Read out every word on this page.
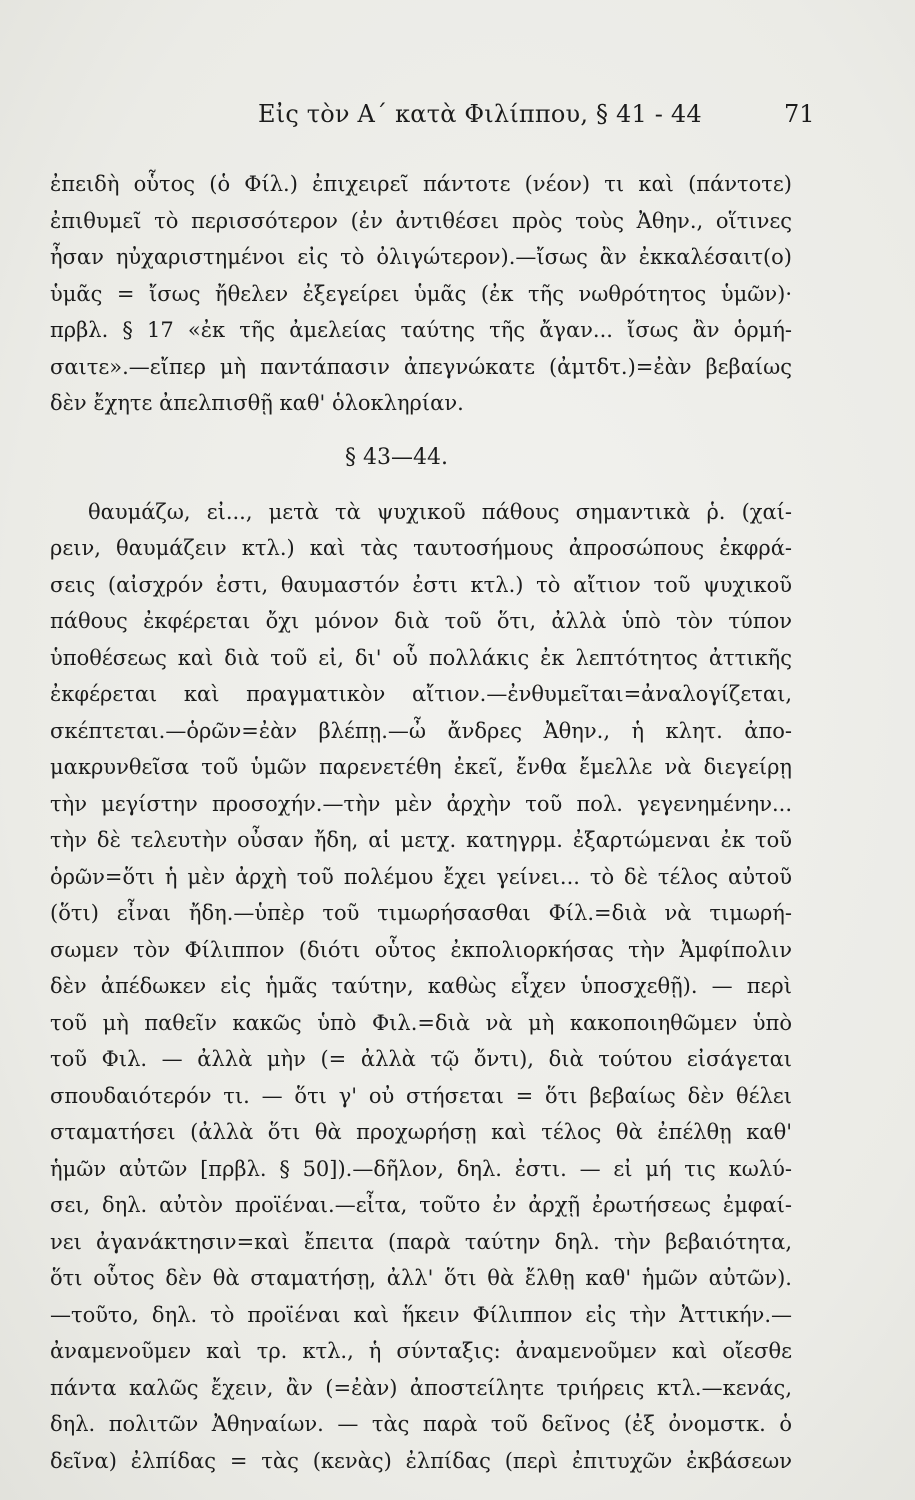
Εἰς τὸν Α΄ κατὰ Φιλίππου, § 41 - 44	71
ἐπειδὴ οὗτος (ὁ Φίλ.) ἐπιχειρεῖ πάντοτε (νέον) τι καὶ (πάντοτε)
ἐπιθυμεῖ τὸ περισσότερον (ἐν ἀντιθέσει πρὸς τοὺς Ἀθην., οἵτινες
ἦσαν ηὐχαριστημένοι εἰς τὸ ὀλιγώτερον).—ἴσως ἂν ἐκκαλέσαιτ(ο)
ὑμᾶς = ἴσως ἤθελεν ἐξεγείρει ὑμᾶς (ἐκ τῆς νωθρότητος ὑμῶν)·
πρβλ. § 17 «ἐκ τῆς ἀμελείας ταύτης τῆς ἄγαν... ἴσως ἂν ὁρμή-
σαιτε».—εἴπερ μὴ παντάπασιν ἀπεγνώκατε (ἀμτδτ.)=ἐὰν βεβαίως
δὲν ἔχητε ἀπελπισθῇ καθ' ὁλοκληρίαν.
§ 43—44.
θαυμάζω, εἰ..., μετὰ τὰ ψυχικοῦ πάθους σημαντικὰ ῥ. (χαί-
ρειν, θαυμάζειν κτλ.) καὶ τὰς ταυτοσήμους ἀπροσώπους ἐκφρά-
σεις (αἰσχρόν ἐστι, θαυμαστόν ἐστι κτλ.) τὸ αἴτιον τοῦ ψυχικοῦ
πάθους ἐκφέρεται ὄχι μόνον διὰ τοῦ ὅτι, ἀλλὰ ὑπὸ τὸν τύπον
ὑποθέσεως καὶ διὰ τοῦ εἰ, δι' οὗ πολλάκις ἐκ λεπτότητος ἀττικῆς
ἐκφέρεται καὶ πραγματικὸν αἴτιον.—ἐνθυμεῖται=ἀναλογίζεται,
σκέπτεται.—ὁρῶν=ἐὰν βλέπῃ.—ὦ ἄνδρες Ἀθην., ἡ κλητ. ἀπο-
μακρυνθεῖσα τοῦ ὑμῶν παρενετέθη ἐκεῖ, ἔνθα ἔμελλε νὰ διεγείρῃ
τὴν μεγίστην προσοχήν.—τὴν μὲν ἀρχὴν τοῦ πολ. γεγενημένην...
τὴν δὲ τελευτὴν οὖσαν ἤδη, αἱ μετχ. κατηγρμ. ἐξαρτώμεναι ἐκ τοῦ
ὁρῶν=ὅτι ἡ μὲν ἀρχὴ τοῦ πολέμου ἔχει γείνει... τὸ δὲ τέλος αὐτοῦ
(ὅτι) εἶναι ἤδη.—ὑπὲρ τοῦ τιμωρήσασθαι Φίλ.=διὰ νὰ τιμωρή-
σωμεν τὸν Φίλιππον (διότι οὗτος ἐκπολιορκήσας τὴν Ἀμφίπολιν
δὲν ἀπέδωκεν εἰς ἡμᾶς ταύτην, καθὼς εἶχεν ὑποσχεθῇ). — περὶ
τοῦ μὴ παθεῖν κακῶς ὑπὸ Φιλ.=διὰ νὰ μὴ κακοποιηθῶμεν ὑπὸ
τοῦ Φιλ. — ἀλλὰ μὴν (= ἀλλὰ τῷ ὄντι), διὰ τούτου εἰσάγεται
σπουδαιότερόν τι. — ὅτι γ' οὐ στήσεται = ὅτι βεβαίως δὲν θέλει
σταματήσει (ἀλλὰ ὅτι θὰ προχωρήσῃ καὶ τέλος θὰ ἐπέλθῃ καθ'
ἡμῶν αὐτῶν [πρβλ. § 50]).—δῆλον, δηλ. ἐστι. — εἰ μή τις κωλύ-
σει, δηλ. αὐτὸν προϊέναι.—εἶτα, τοῦτο ἐν ἀρχῇ ἐρωτήσεως ἐμφαί-
νει ἀγανάκτησιν=καὶ ἔπειτα (παρὰ ταύτην δηλ. τὴν βεβαιότητα,
ὅτι οὗτος δὲν θὰ σταματήσῃ, ἀλλ' ὅτι θὰ ἔλθῃ καθ' ἡμῶν αὐτῶν).
—τοῦτο, δηλ. τὸ προϊέναι καὶ ἥκειν Φίλιππον εἰς τὴν Ἀττικήν.—
ἀναμενοῦμεν καὶ τρ. κτλ., ἡ σύνταξις: ἀναμενοῦμεν καὶ οἴεσθε
πάντα καλῶς ἔχειν, ἂν (=ἐὰν) ἀποστείλητε τριήρεις κτλ.—κενάς,
δηλ. πολιτῶν Ἀθηναίων. — τὰς παρὰ τοῦ δεῖνος (ἐξ ὀνομστκ. ὁ
δεῖνα) ἐλπίδας = τὰς (κενὰς) ἐλπίδας (περὶ ἐπιτυχῶν ἐκβάσεων
